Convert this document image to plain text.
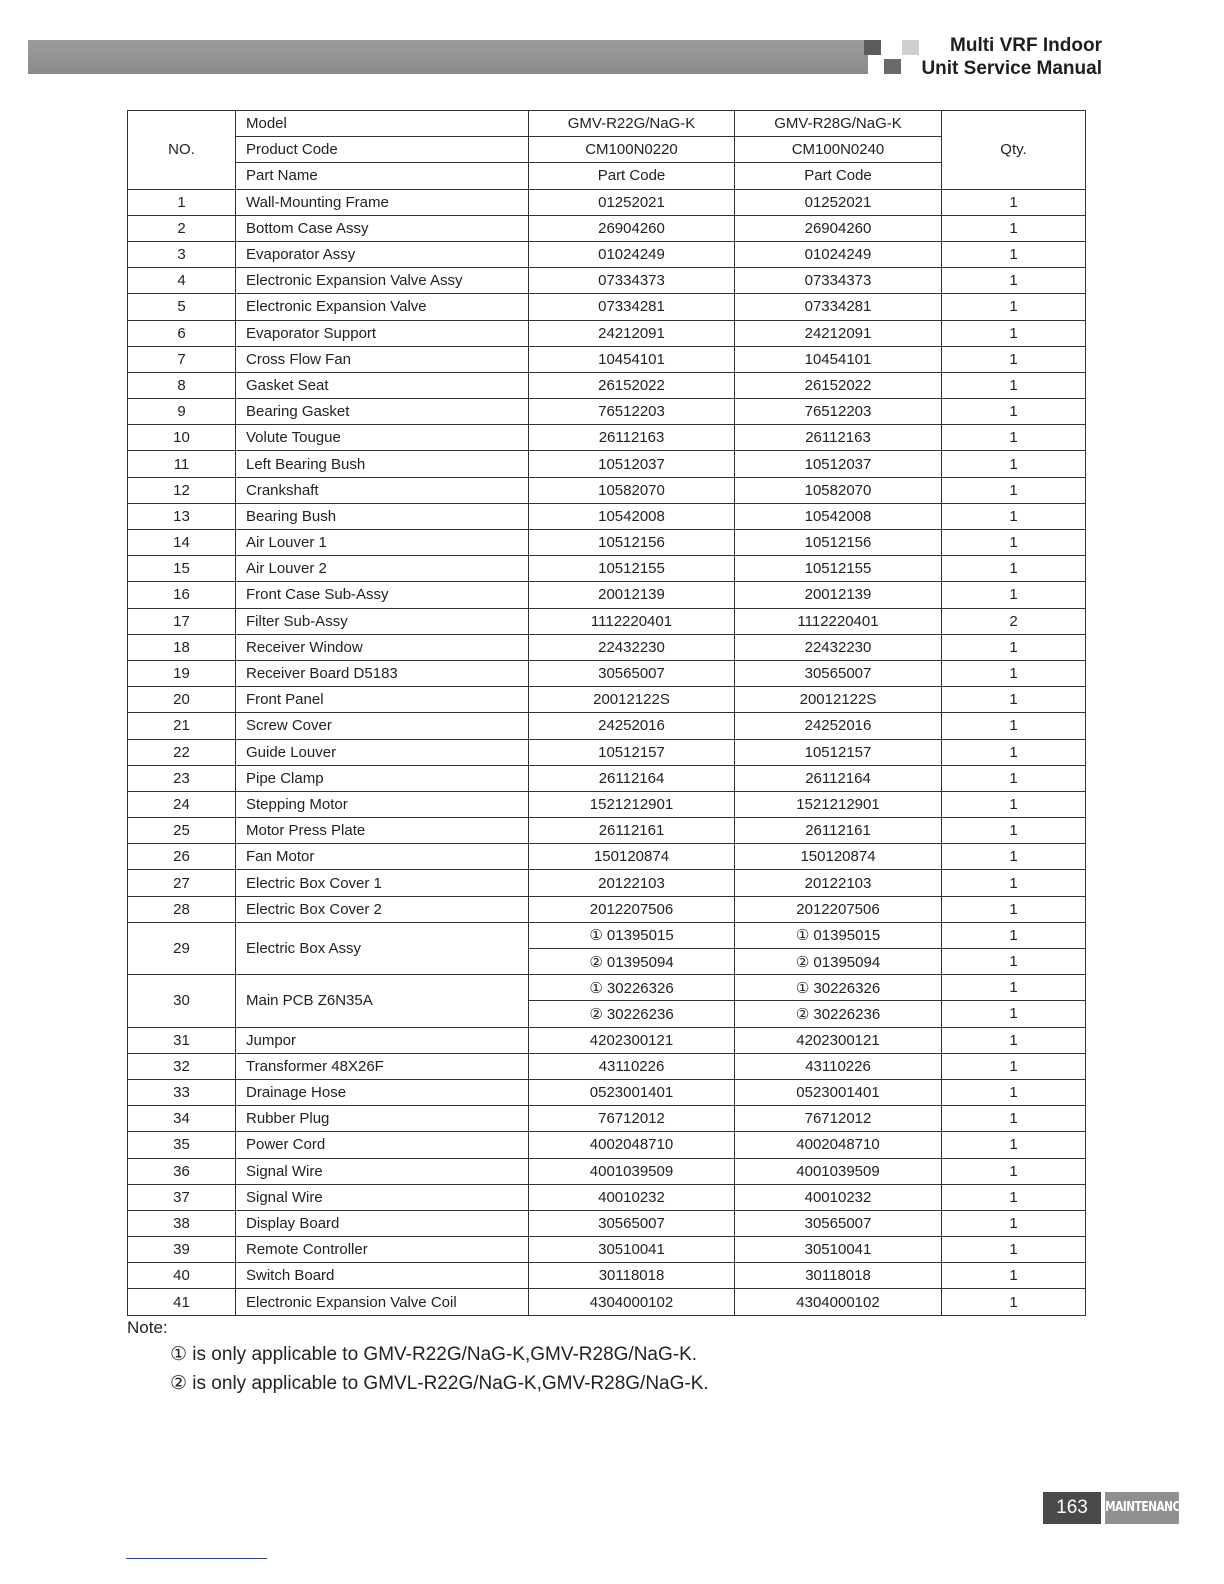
Multi VRF Indoor
Unit Service Manual
NO.	Model	GMV-R22G/NaG-K	GMV-R28G/NaG-K	Qty.
	Product Code	CM100N0220	CM100N0240	
	Part Name	Part Code	Part Code	
1	Wall-Mounting Frame	01252021	01252021	1
2	Bottom Case Assy	26904260	26904260	1
3	Evaporator Assy	01024249	01024249	1
4	Electronic Expansion Valve Assy	07334373	07334373	1
5	Electronic Expansion Valve	07334281	07334281	1
6	Evaporator Support	24212091	24212091	1
7	Cross Flow Fan	10454101	10454101	1
8	Gasket Seat	26152022	26152022	1
9	Bearing Gasket	76512203	76512203	1
10	Volute Tougue	26112163	26112163	1
11	Left Bearing Bush	10512037	10512037	1
12	Crankshaft	10582070	10582070	1
13	Bearing Bush	10542008	10542008	1
14	Air Louver 1	10512156	10512156	1
15	Air Louver 2	10512155	10512155	1
16	Front Case Sub-Assy	20012139	20012139	1
17	Filter Sub-Assy	1112220401	1112220401	2
18	Receiver Window	22432230	22432230	1
19	Receiver Board D5183	30565007	30565007	1
20	Front Panel	20012122S	20012122S	1
21	Screw Cover	24252016	24252016	1
22	Guide Louver	10512157	10512157	1
23	Pipe Clamp	26112164	26112164	1
24	Stepping Motor	1521212901	1521212901	1
25	Motor Press Plate	26112161	26112161	1
26	Fan Motor	150120874	150120874	1
27	Electric Box Cover 1	20122103	20122103	1
28	Electric Box Cover 2	2012207506	2012207506	1
29	Electric Box Assy	① 01395015	① 01395015	1
		② 01395094	② 01395094	1
30	Main PCB Z6N35A	① 30226326	① 30226326	1
		② 30226236	② 30226236	1
31	Jumpor	4202300121	4202300121	1
32	Transformer 48X26F	43110226	43110226	1
33	Drainage Hose	0523001401	0523001401	1
34	Rubber Plug	76712012	76712012	1
35	Power Cord	4002048710	4002048710	1
36	Signal Wire	4001039509	4001039509	1
37	Signal Wire	40010232	40010232	1
38	Display Board	30565007	30565007	1
39	Remote Controller	30510041	30510041	1
40	Switch Board	30118018	30118018	1
41	Electronic Expansion Valve Coil	4304000102	4304000102	1
Note:
① is only applicable to GMV-R22G/NaG-K,GMV-R28G/NaG-K.
② is only applicable to GMVL-R22G/NaG-K,GMV-R28G/NaG-K.
163	MAINTENANCE
